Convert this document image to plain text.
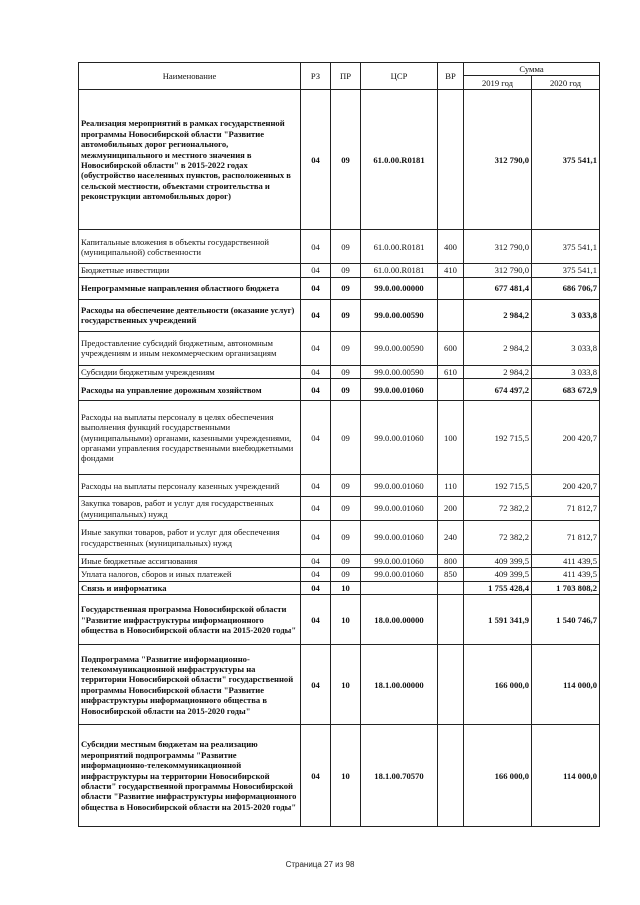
Наименование	РЗ	ПР	ЦСР	ВР	Сумма	
					2019 год	2020 год
Реализация мероприятий в рамках государственной программы Новосибирской области "Развитие автомобильных дорог регионального, межмуниципального и местного значения в Новосибирской области" в 2015-2022 годах (обустройство населенных пунктов, расположенных в сельской местности, объектами строительства и реконструкции автомобильных дорог)	04	09	61.0.00.R0181		312 790,0	375 541,1
Капитальные вложения в объекты государственной (муниципальной) собственности	04	09	61.0.00.R0181	400	312 790,0	375 541,1
Бюджетные инвестиции	04	09	61.0.00.R0181	410	312 790,0	375 541,1
Непрограммные направления областного бюджета	04	09	99.0.00.00000		677 481,4	686 706,7
Расходы на обеспечение деятельности (оказание услуг) государственных учреждений	04	09	99.0.00.00590		2 984,2	3 033,8
Предоставление субсидий бюджетным, автономным учреждениям и иным некоммерческим организациям	04	09	99.0.00.00590	600	2 984,2	3 033,8
Субсидии бюджетным учреждениям	04	09	99.0.00.00590	610	2 984,2	3 033,8
Расходы на управление дорожным хозяйством	04	09	99.0.00.01060		674 497,2	683 672,9
Расходы на выплаты персоналу в целях обеспечения выполнения функций государственными (муниципальными) органами, казенными учреждениями, органами управления государственными внебюджетными фондами	04	09	99.0.00.01060	100	192 715,5	200 420,7
Расходы на выплаты персоналу казенных учреждений	04	09	99.0.00.01060	110	192 715,5	200 420,7
Закупка товаров, работ и услуг для государственных (муниципальных) нужд	04	09	99.0.00.01060	200	72 382,2	71 812,7
Иные закупки товаров, работ и услуг для обеспечения государственных (муниципальных) нужд	04	09	99.0.00.01060	240	72 382,2	71 812,7
Иные бюджетные ассигнования	04	09	99.0.00.01060	800	409 399,5	411 439,5
Уплата налогов, сборов и иных платежей	04	09	99.0.00.01060	850	409 399,5	411 439,5
Связь и информатика	04	10			1 755 428,4	1 703 808,2
Государственная программа Новосибирской области "Развитие инфраструктуры информационного общества в Новосибирской области на 2015-2020 годы"	04	10	18.0.00.00000		1 591 341,9	1 540 746,7
Подпрограмма "Развитие информационно-телекоммуникационной инфраструктуры на территории Новосибирской области" государственной программы Новосибирской области "Развитие инфраструктуры информационного общества в Новосибирской области на 2015-2020 годы"	04	10	18.1.00.00000		166 000,0	114 000,0
Субсидии местным бюджетам на реализацию мероприятий подпрограммы "Развитие информационно-телекоммуникационной инфраструктуры на территории Новосибирской области" государственной программы Новосибирской области "Развитие инфраструктуры информационного общества в Новосибирской области на 2015-2020 годы"	04	10	18.1.00.70570		166 000,0	114 000,0
Страница 27 из 98
